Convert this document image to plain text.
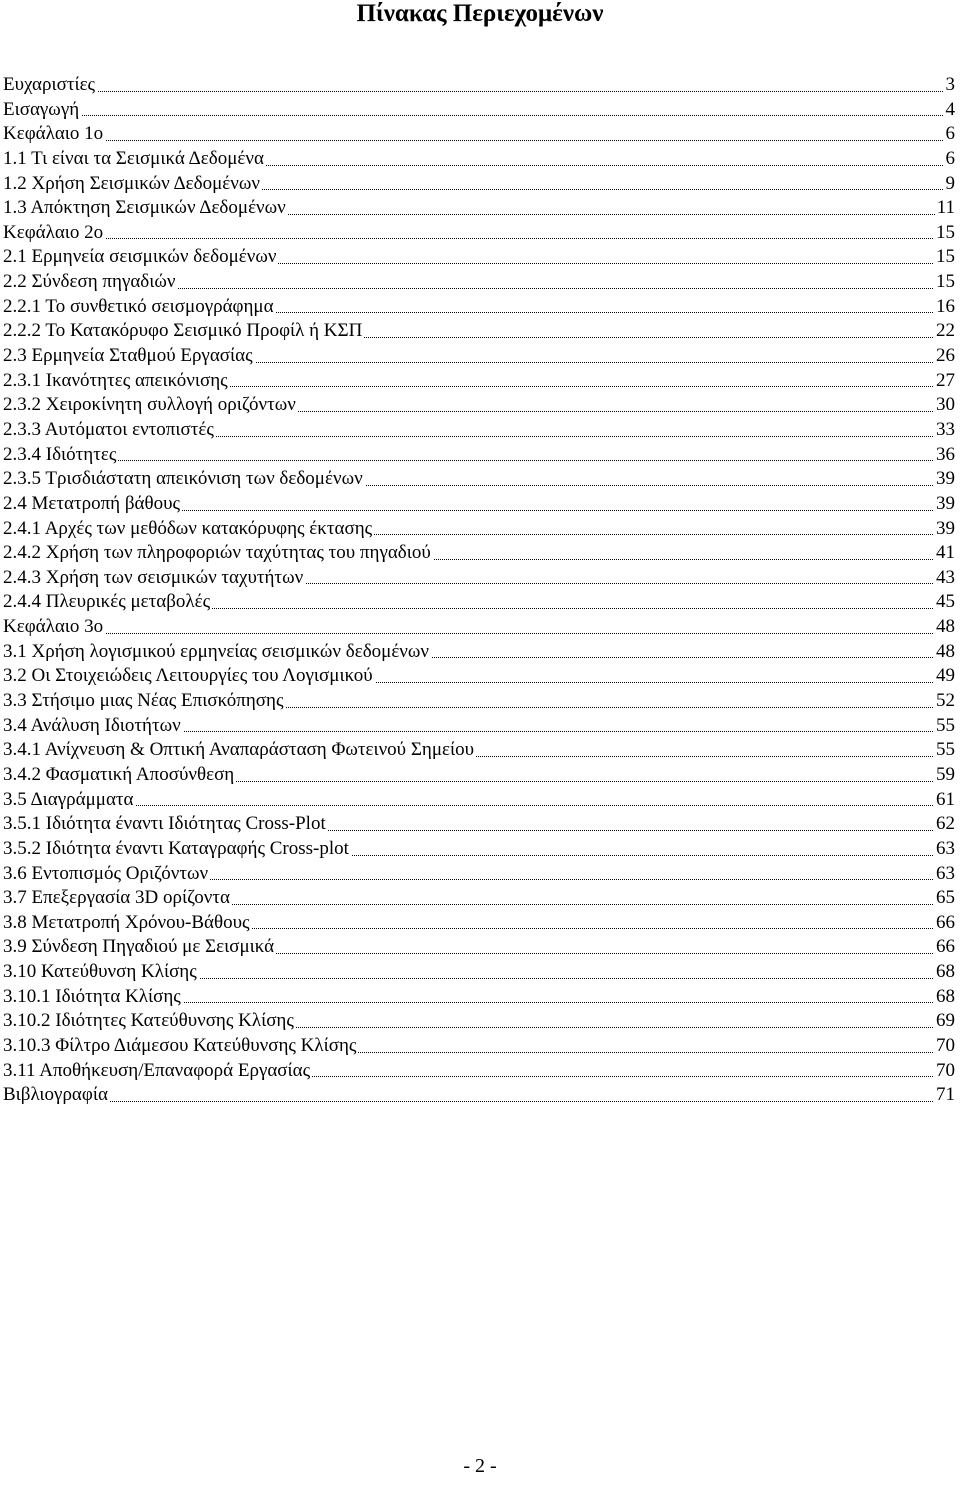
Πίνακας Περιεχομένων
Ευχαριστίες	3
Εισαγωγή	4
Κεφάλαιο 1ο	6
1.1 Τι είναι τα Σεισμικά Δεδομένα	6
1.2 Χρήση Σεισμικών Δεδομένων	9
1.3 Απόκτηση Σεισμικών Δεδομένων	11
Κεφάλαιο 2ο	15
2.1 Ερμηνεία σεισμικών δεδομένων	15
2.2 Σύνδεση πηγαδιών	15
2.2.1 Το συνθετικό σεισμογράφημα	16
2.2.2 Το Κατακόρυφο Σεισμικό Προφίλ ή ΚΣΠ	22
2.3 Ερμηνεία Σταθμού Εργασίας	26
2.3.1 Ικανότητες απεικόνισης	27
2.3.2 Χειροκίνητη συλλογή οριζόντων	30
2.3.3 Αυτόματοι εντοπιστές	33
2.3.4 Ιδιότητες	36
2.3.5 Τρισδιάστατη απεικόνιση των δεδομένων	39
2.4 Μετατροπή βάθους	39
2.4.1 Αρχές των μεθόδων κατακόρυφης έκτασης	39
2.4.2 Χρήση των πληροφοριών ταχύτητας του πηγαδιού	41
2.4.3 Χρήση των σεισμικών ταχυτήτων	43
2.4.4 Πλευρικές μεταβολές	45
Κεφάλαιο 3ο	48
3.1 Χρήση λογισμικού ερμηνείας σεισμικών δεδομένων	48
3.2 Οι Στοιχειώδεις Λειτουργίες του Λογισμικού	49
3.3 Στήσιμο μιας Νέας Επισκόπησης	52
3.4 Ανάλυση Ιδιοτήτων	55
3.4.1 Ανίχνευση & Οπτική Αναπαράσταση Φωτεινού Σημείου	55
3.4.2 Φασματική Αποσύνθεση	59
3.5 Διαγράμματα	61
3.5.1 Ιδιότητα έναντι Ιδιότητας Cross-Plot	62
3.5.2 Ιδιότητα έναντι Καταγραφής Cross-plot	63
3.6 Εντοπισμός Οριζόντων	63
3.7 Επεξεργασία 3D ορίζοντα	65
3.8 Μετατροπή Χρόνου-Βάθους	66
3.9 Σύνδεση Πηγαδιού με Σεισμικά	66
3.10 Κατεύθυνση Κλίσης	68
3.10.1 Ιδιότητα Κλίσης	68
3.10.2 Ιδιότητες Κατεύθυνσης Κλίσης	69
3.10.3 Φίλτρο Διάμεσου Κατεύθυνσης Κλίσης	70
3.11 Αποθήκευση/Επαναφορά Εργασίας	70
Βιβλιογραφία	71
- 2 -
